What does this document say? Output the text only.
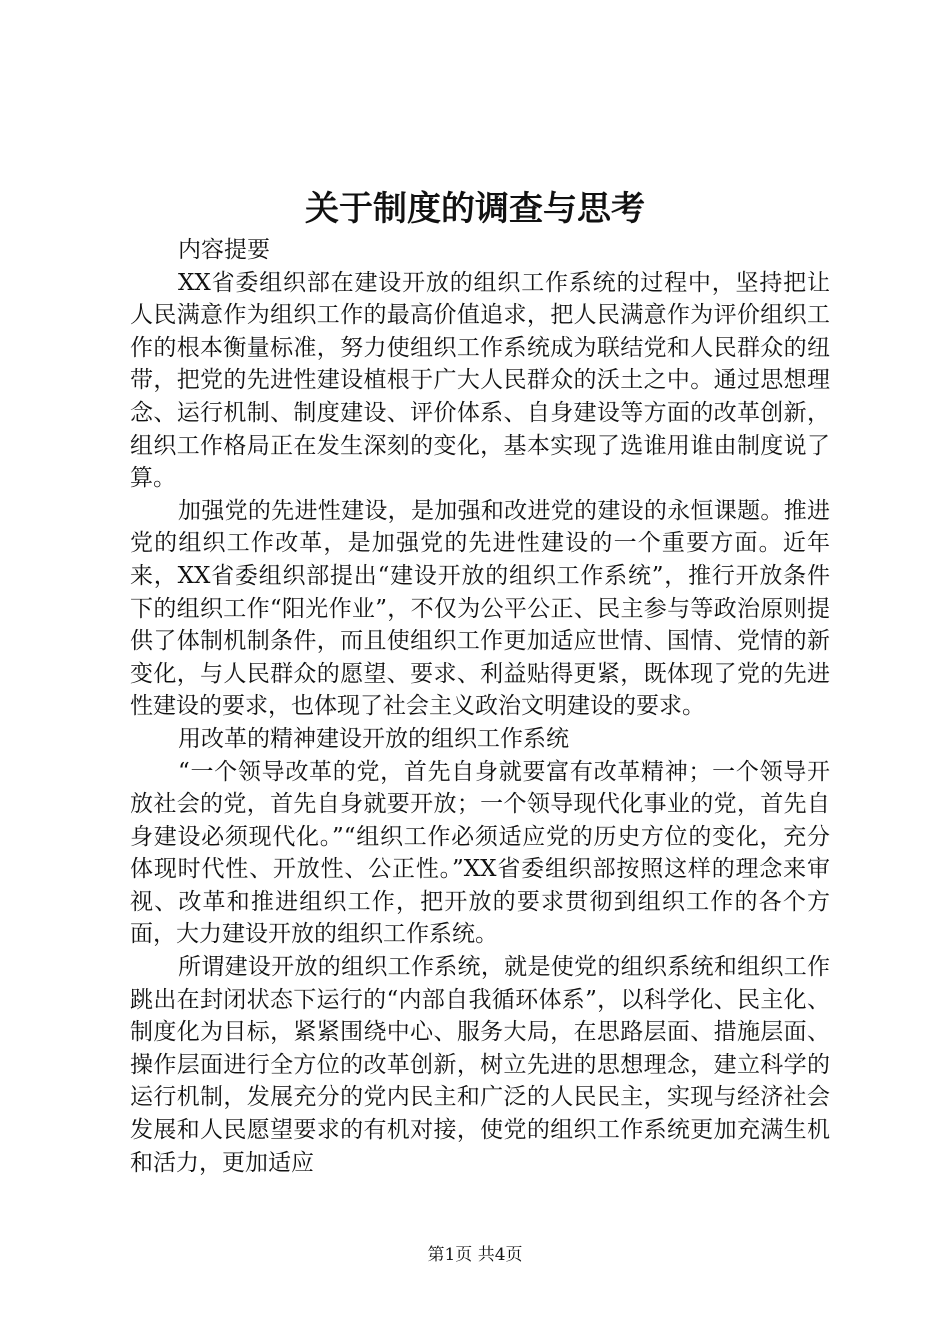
关于制度的调查与思考

内容提要

XX省委组织部在建设开放的组织工作系统的过程中，坚持把让人民满意作为组织工作的最高价值追求，把人民满意作为评价组织工作的根本衡量标准，努力使组织工作系统成为联结党和人民群众的纽带，把党的先进性建设植根于广大人民群众的沃土之中。通过思想理念、运行机制、制度建设、评价体系、自身建设等方面的改革创新，组织工作格局正在发生深刻的变化，基本实现了选谁用谁由制度说了算。

加强党的先进性建设，是加强和改进党的建设的永恒课题。推进党的组织工作改革，是加强党的先进性建设的一个重要方面。近年来，XX省委组织部提出“建设开放的组织工作系统”，推行开放条件下的组织工作“阳光作业”，不仅为公平公正、民主参与等政治原则提供了体制机制条件，而且使组织工作更加适应世情、国情、党情的新变化，与人民群众的愿望、要求、利益贴得更紧，既体现了党的先进性建设的要求，也体现了社会主义政治文明建设的要求。

用改革的精神建设开放的组织工作系统

“一个领导改革的党，首先自身就要富有改革精神；一个领导开放社会的党，首先自身就要开放；一个领导现代化事业的党，首先自身建设必须现代化。”“组织工作必须适应党的历史方位的变化，充分体现时代性、开放性、公正性。”XX省委组织部按照这样的理念来审视、改革和推进组织工作，把开放的要求贯彻到组织工作的各个方面，大力建设开放的组织工作系统。

所谓建设开放的组织工作系统，就是使党的组织系统和组织工作跳出在封闭状态下运行的“内部自我循环体系”，以科学化、民主化、制度化为目标，紧紧围绕中心、服务大局，在思路层面、措施层面、操作层面进行全方位的改革创新，树立先进的思想理念，建立科学的运行机制，发展充分的党内民主和广泛的人民民主，实现与经济社会发展和人民愿望要求的有机对接，使党的组织工作系统更加充满生机和活力，更加适应

第1页 共4页
